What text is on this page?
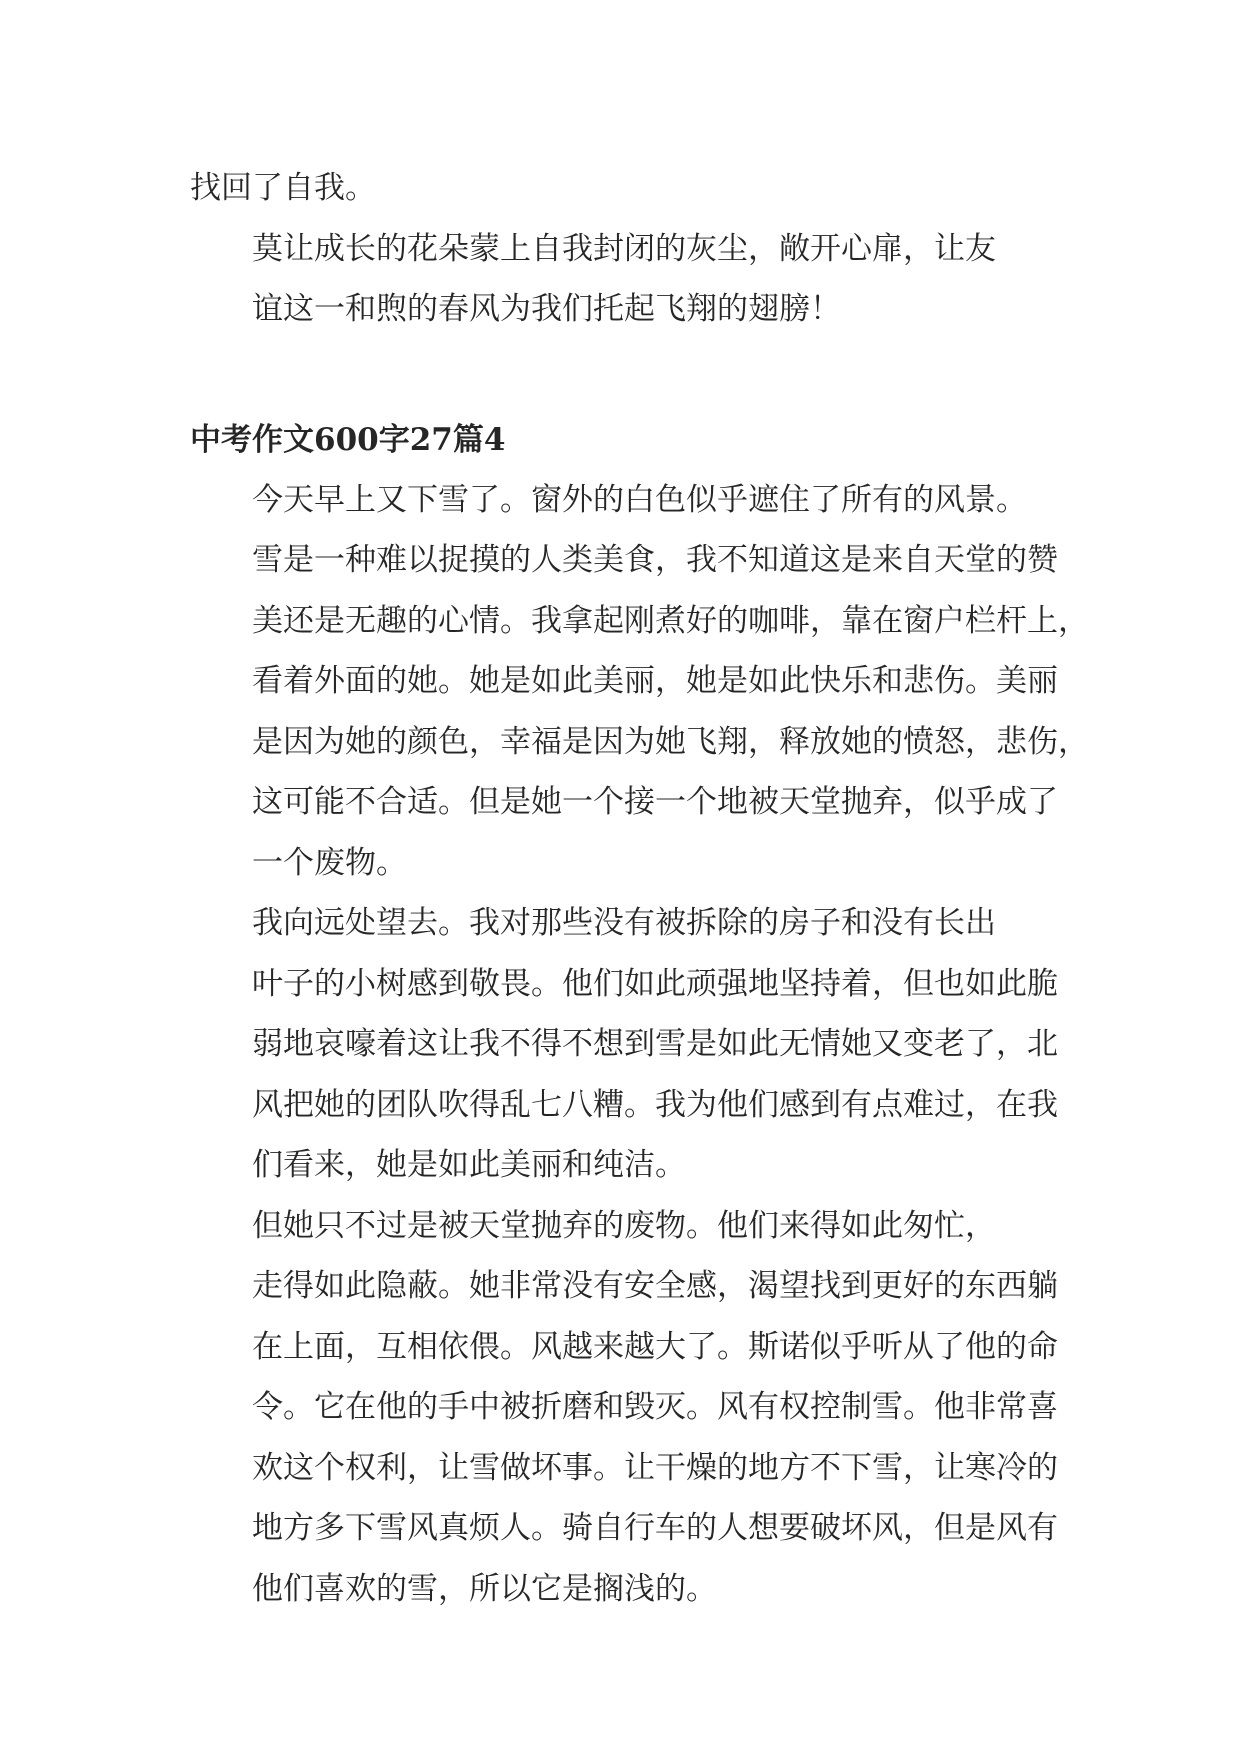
找回了自我。

莫让成长的花朵蒙上自我封闭的灰尘，敞开心扉，让友
谊这一和煦的春风为我们托起飞翔的翅膀！

中考作文600字27篇4

今天早上又下雪了。窗外的白色似乎遮住了所有的风景。
雪是一种难以捉摸的人类美食，我不知道这是来自天堂的赞
美还是无趣的心情。我拿起刚煮好的咖啡，靠在窗户栏杆上，
看着外面的她。她是如此美丽，她是如此快乐和悲伤。美丽
是因为她的颜色，幸福是因为她飞翔，释放她的愤怒，悲伤，
这可能不合适。但是她一个接一个地被天堂抛弃，似乎成了
一个废物。

我向远处望去。我对那些没有被拆除的房子和没有长出
叶子的小树感到敬畏。他们如此顽强地坚持着，但也如此脆
弱地哀嚎着这让我不得不想到雪是如此无情她又变老了，北
风把她的团队吹得乱七八糟。我为他们感到有点难过，在我
们看来，她是如此美丽和纯洁。

但她只不过是被天堂抛弃的废物。他们来得如此匆忙，
走得如此隐蔽。她非常没有安全感，渴望找到更好的东西躺
在上面，互相依偎。风越来越大了。斯诺似乎听从了他的命
令。它在他的手中被折磨和毁灭。风有权控制雪。他非常喜
欢这个权利，让雪做坏事。让干燥的地方不下雪，让寒冷的
地方多下雪风真烦人。骑自行车的人想要破坏风，但是风有
他们喜欢的雪，所以它是搁浅的。
